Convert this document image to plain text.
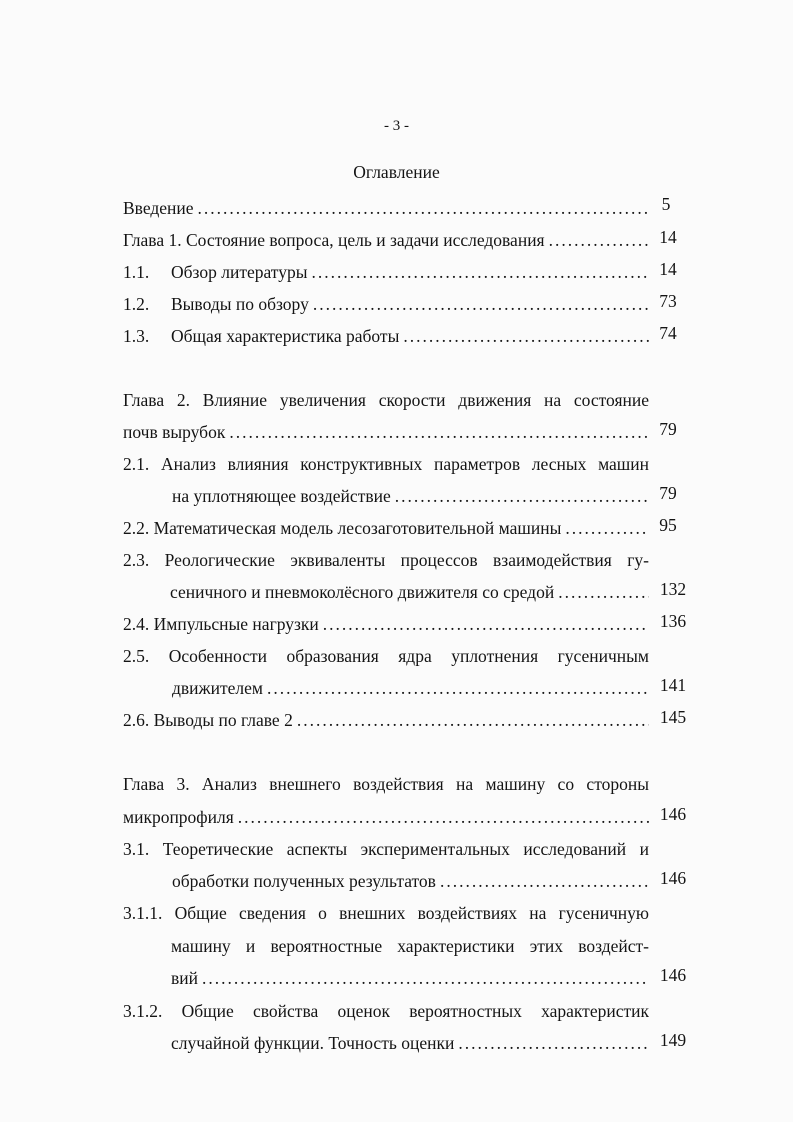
- 3 -
Оглавление
Введение .....	5
Глава 1. Состояние вопроса, цель и задачи исследования .....	14
1.1.	Обзор литературы .....	14
1.2.	Выводы по обзору .....	73
1.3.	Общая характеристика работы .....	74
Глава 2. Влияние увеличения скорости движения на состояние
почв вырубок .....	79
2.1. Анализ влияния конструктивных параметров лесных машин
на уплотняющее воздействие .....	79
2.2. Математическая модель лесозаготовительной машины .....	95
2.3. Реологические эквиваленты процессов взаимодействия гу-
сеничного и пневмоколёсного движителя со средой .....	132
2.4. Импульсные нагрузки .....	136
2.5. Особенности образования ядра уплотнения гусеничным
движителем .....	141
2.6. Выводы по главе 2 .....	145
Глава 3. Анализ внешнего воздействия на машину со стороны
микропрофиля .....	146
3.1. Теоретические аспекты экспериментальных исследований и
обработки полученных результатов .....	146
3.1.1. Общие сведения о внешних воздействиях на гусеничную
машину и вероятностные характеристики этих воздейст-
вий .....	146
3.1.2. Общие свойства оценок вероятностных характеристик
случайной функции. Точность оценки .....	149
